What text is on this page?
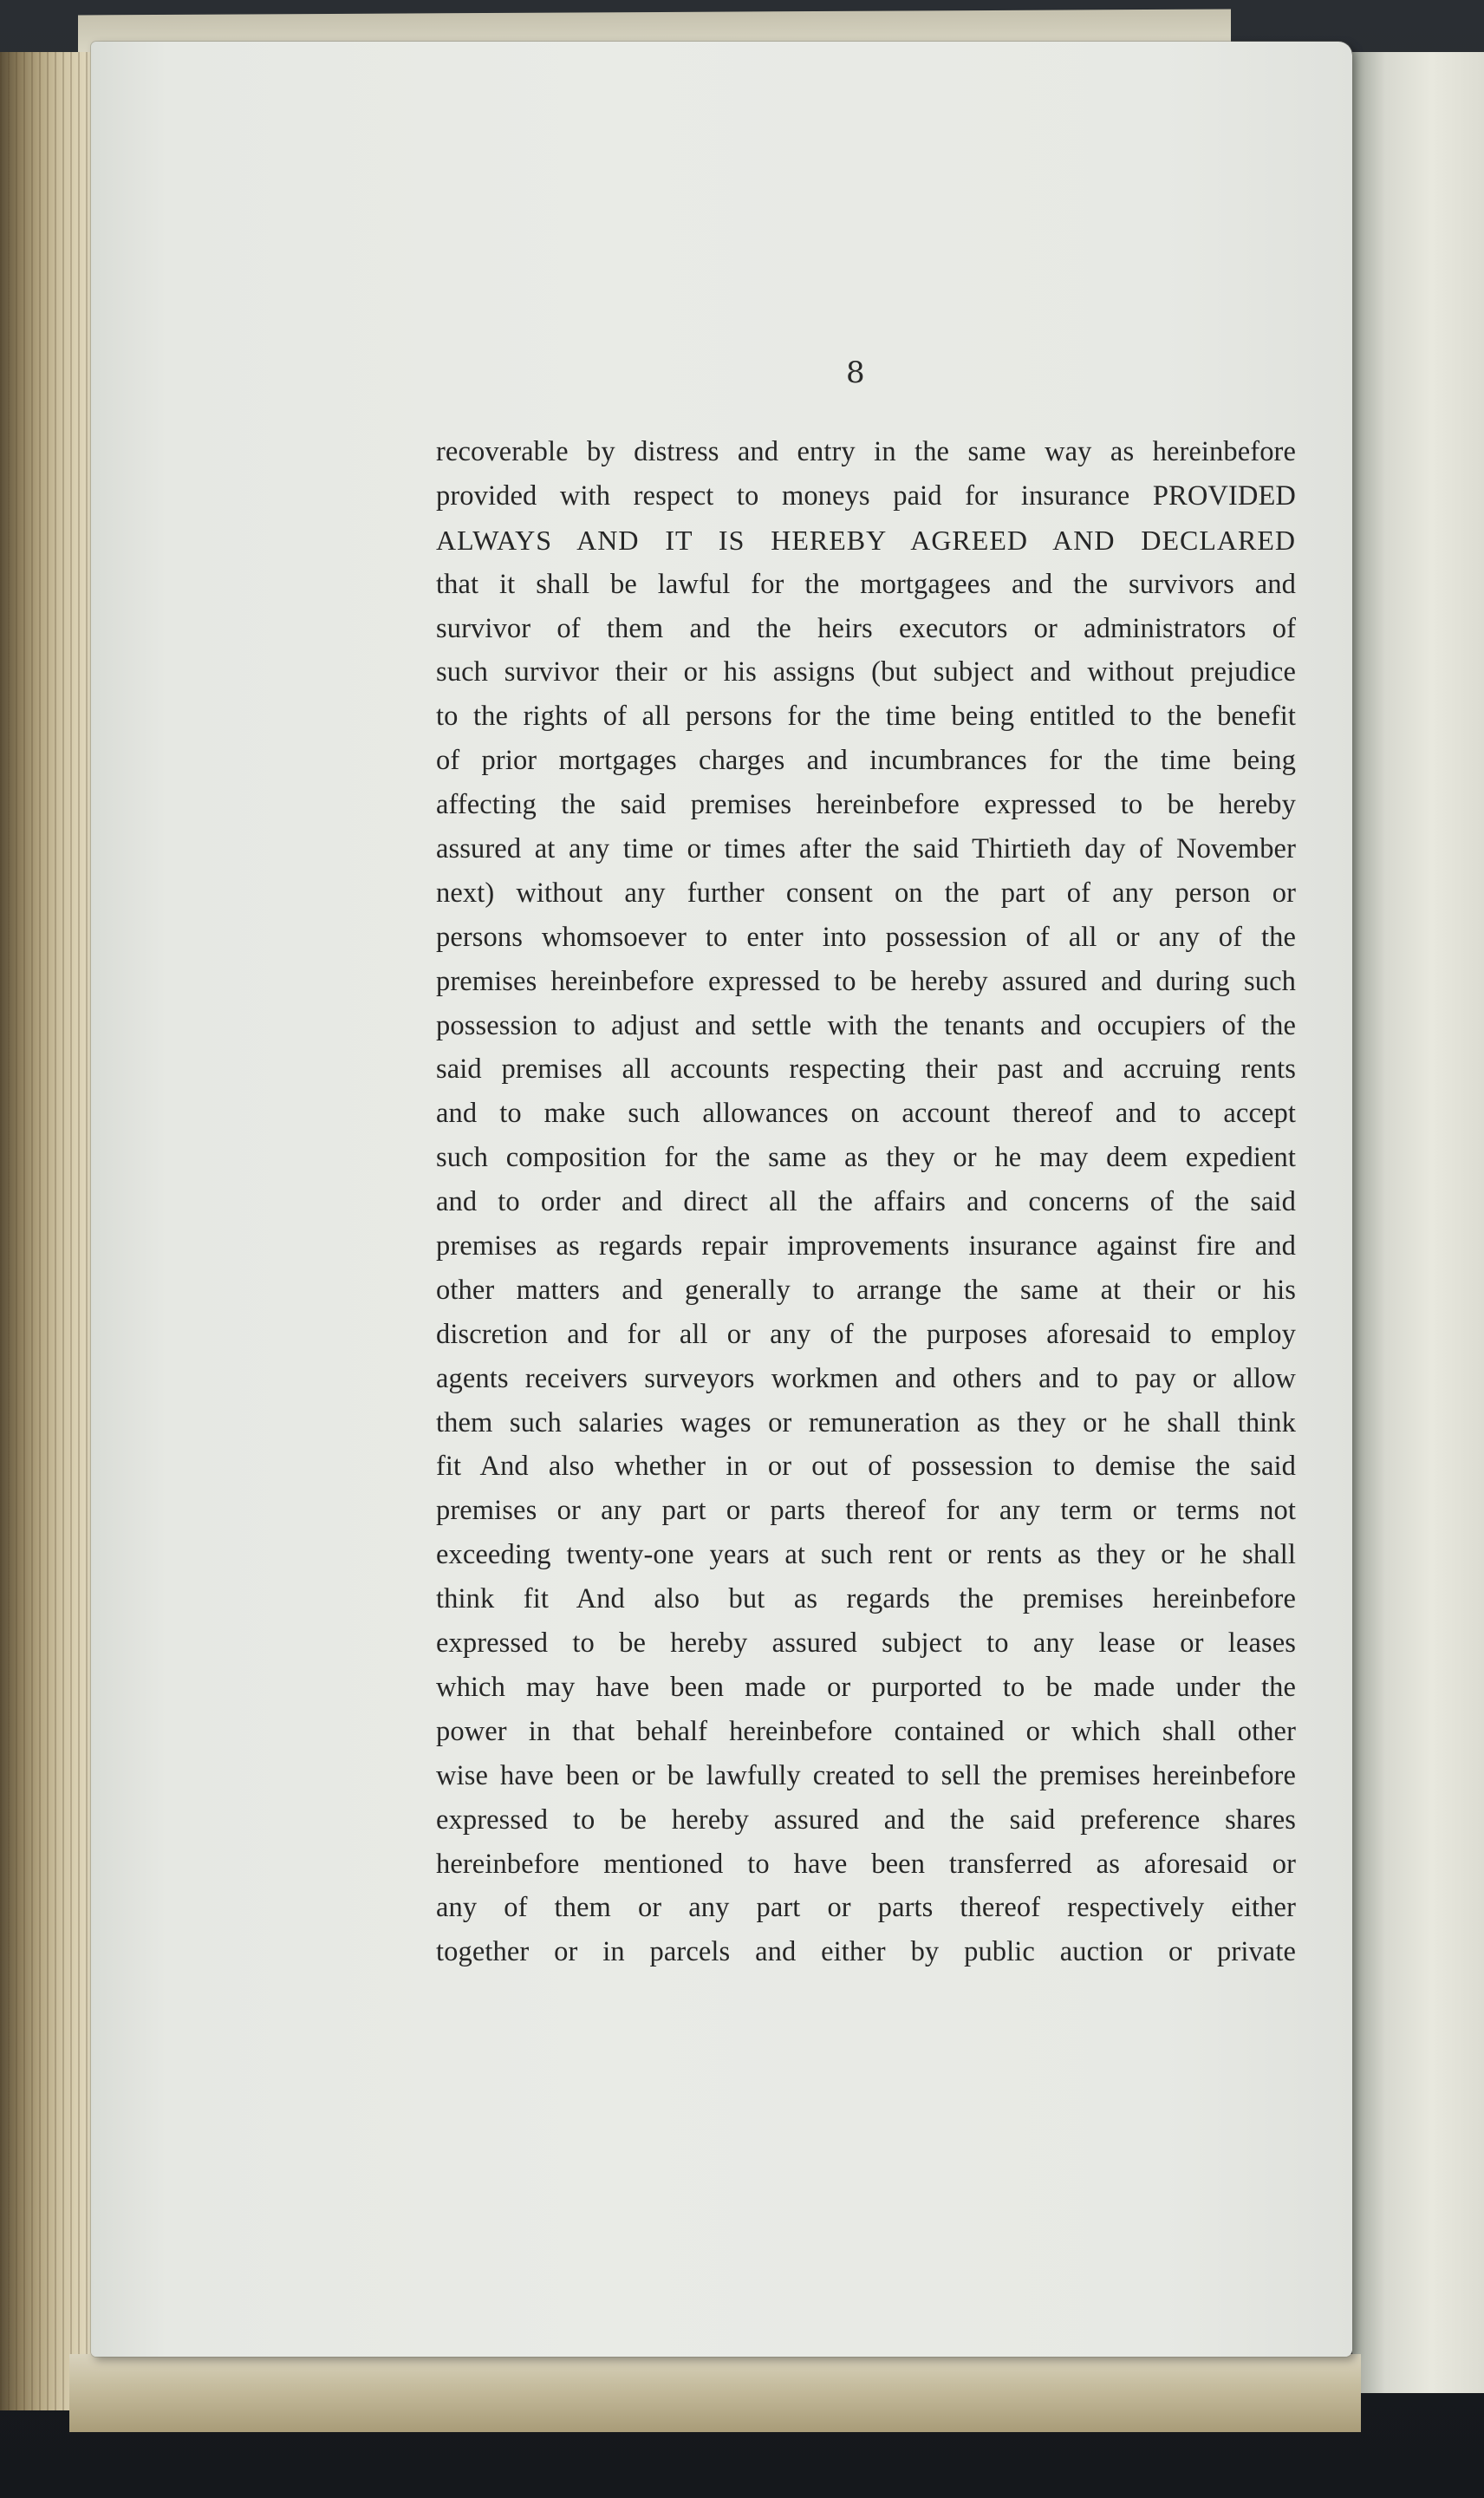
8
recoverable by distress and entry in the same way as hereinbefore
provided with respect to moneys paid for insurance PROVIDED
ALWAYS AND IT IS HEREBY AGREED AND DECLARED
that it shall be lawful for the mortgagees and the survivors and
survivor of them and the heirs executors or administrators of
such survivor their or his assigns (but subject and without prejudice
to the rights of all persons for the time being entitled to the benefit
of prior mortgages charges and incumbrances for the time being
affecting the said premises hereinbefore expressed to be hereby
assured at any time or times after the said Thirtieth day of November
next) without any further consent on the part of any person or
persons whomsoever to enter into possession of all or any of the
premises hereinbefore expressed to be hereby assured and during such
possession to adjust and settle with the tenants and occupiers of the
said premises all accounts respecting their past and accruing rents
and to make such allowances on account thereof and to accept
such composition for the same as they or he may deem expedient
and to order and direct all the affairs and concerns of the said
premises as regards repair improvements insurance against fire and
other matters and generally to arrange the same at their or his
discretion and for all or any of the purposes aforesaid to employ
agents receivers surveyors workmen and others and to pay or allow
them such salaries wages or remuneration as they or he shall think
fit And also whether in or out of possession to demise the said
premises or any part or parts thereof for any term or terms not
exceeding twenty-one years at such rent or rents as they or he shall
think fit And also but as regards the premises hereinbefore
expressed to be hereby assured subject to any lease or leases
which may have been made or purported to be made under the
power in that behalf hereinbefore contained or which shall other
wise have been or be lawfully created to sell the premises hereinbefore
expressed to be hereby assured and the said preference shares
hereinbefore mentioned to have been transferred as aforesaid or
any of them or any part or parts thereof respectively either
together or in parcels and either by public auction or private
